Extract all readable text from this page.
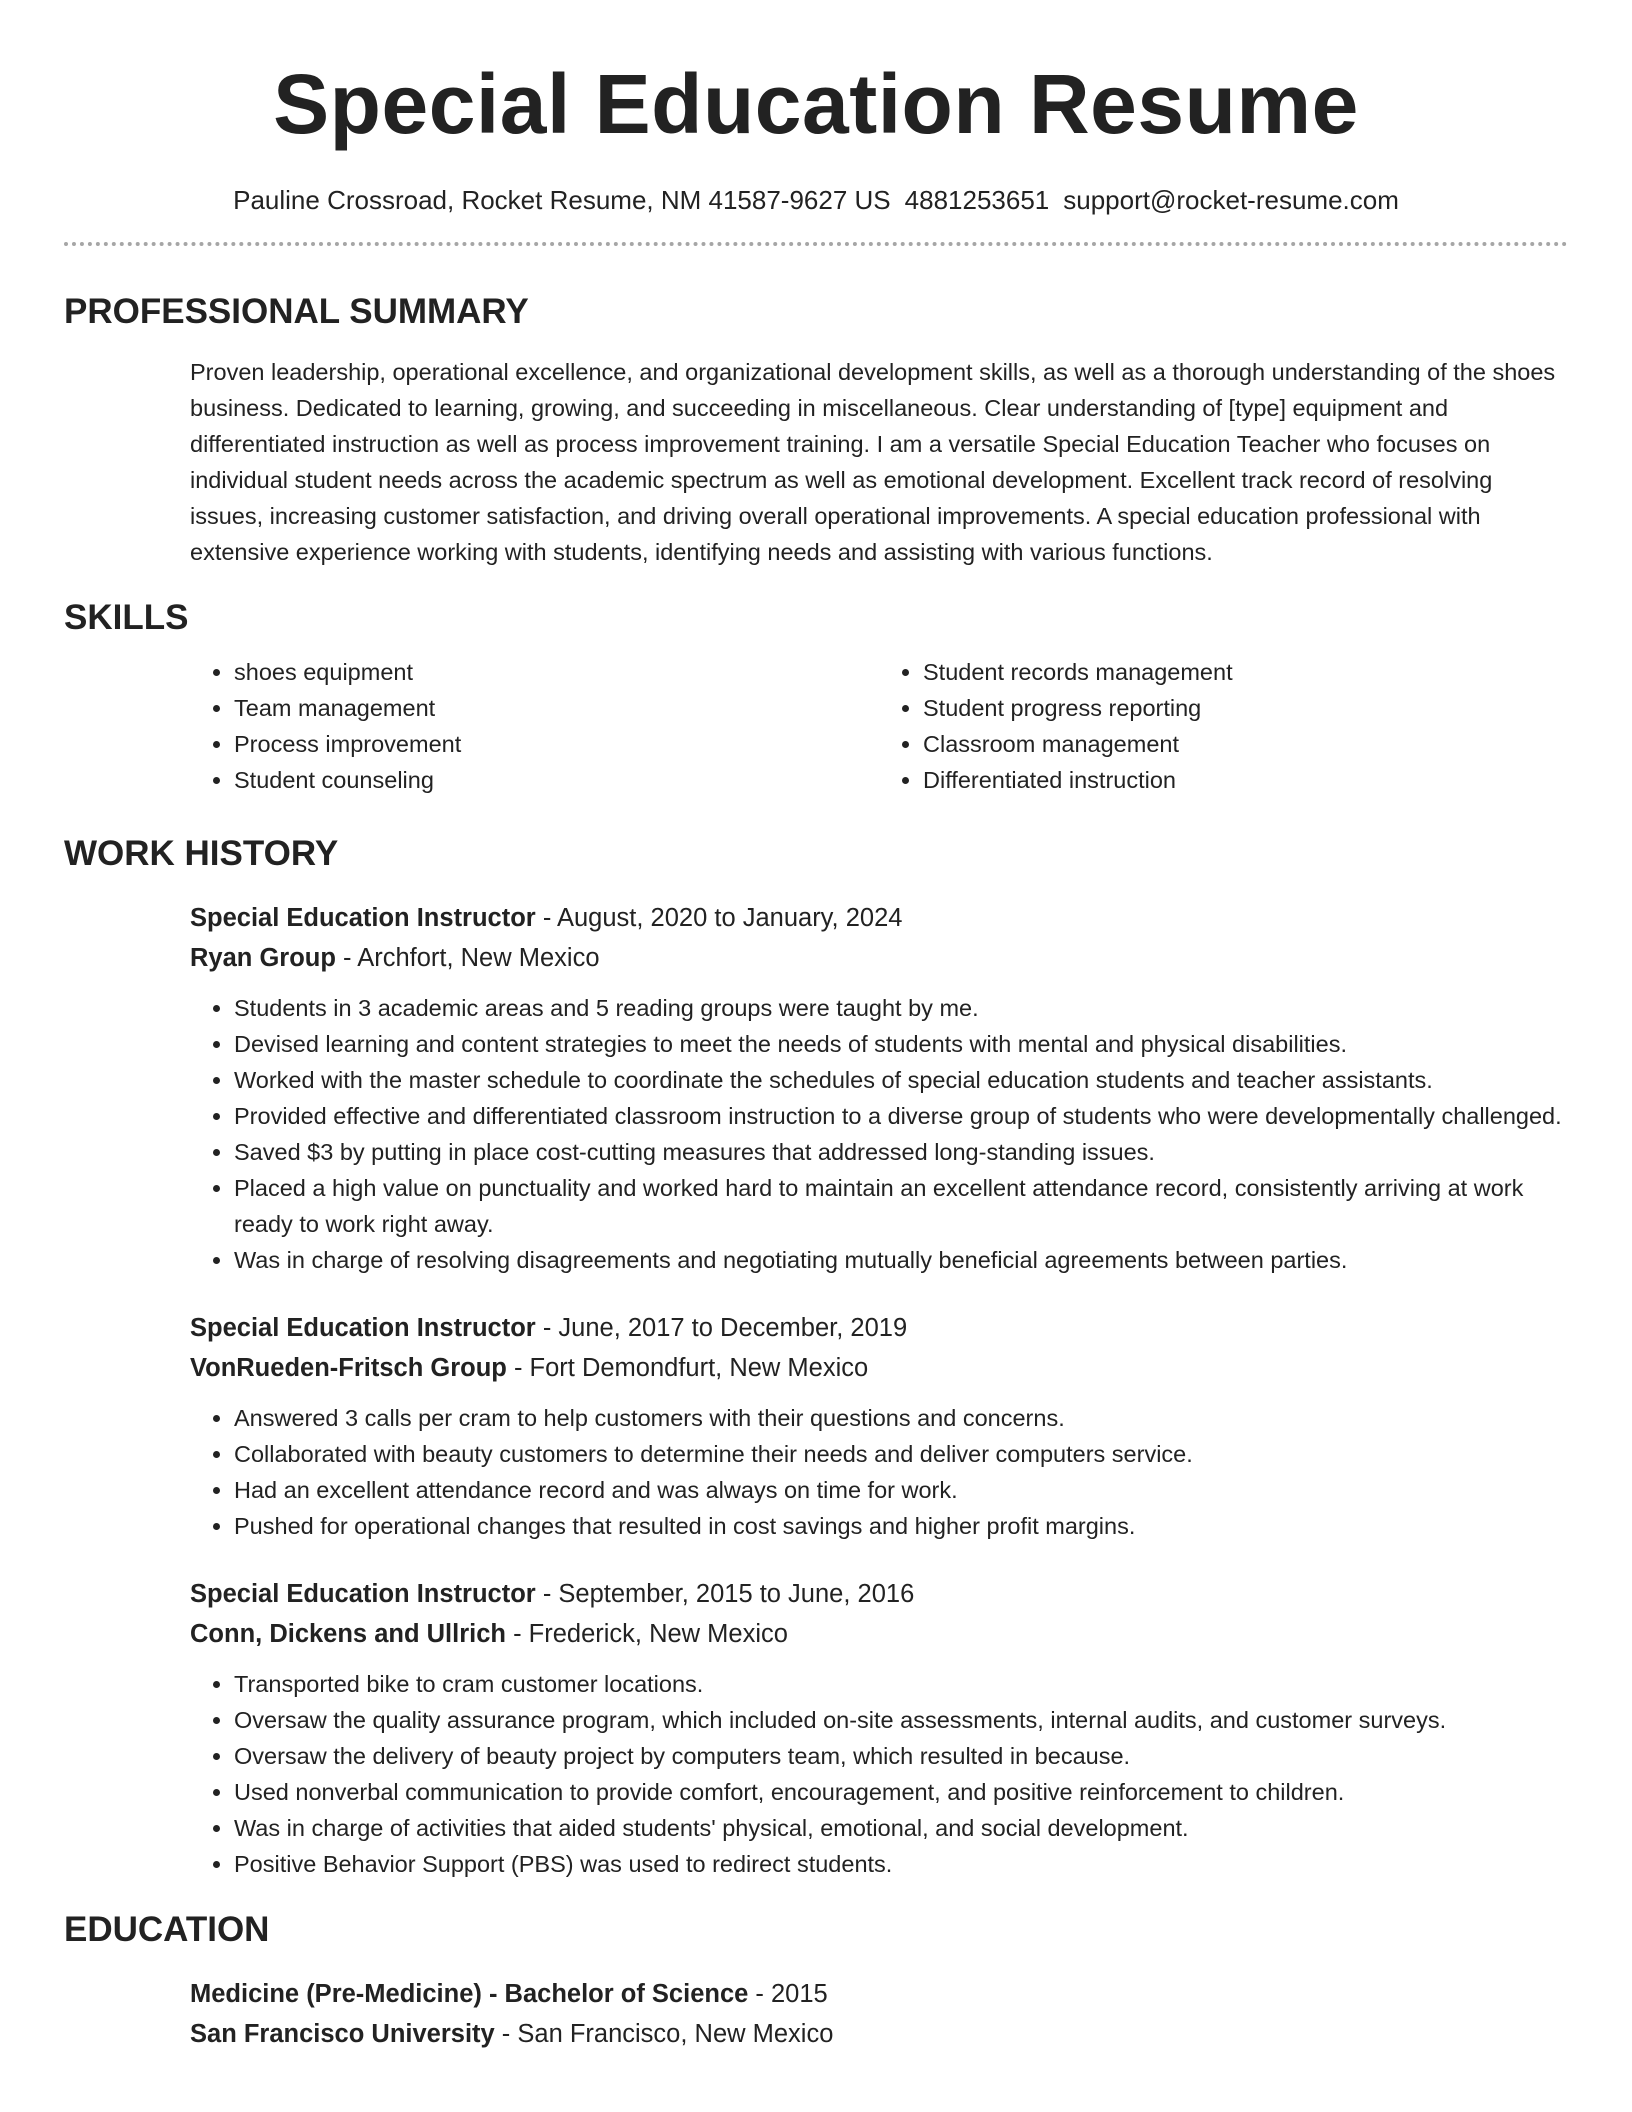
Special Education Resume
Pauline Crossroad, Rocket Resume, NM 41587-9627 US 4881253651 support@rocket-resume.com
PROFESSIONAL SUMMARY

Proven leadership, operational excellence, and organizational development skills, as well as a thorough understanding of the shoes business. Dedicated to learning, growing, and succeeding in miscellaneous. Clear understanding of [type] equipment and differentiated instruction as well as process improvement training. I am a versatile Special Education Teacher who focuses on individual student needs across the academic spectrum as well as emotional development. Excellent track record of resolving issues, increasing customer satisfaction, and driving overall operational improvements. A special education professional with extensive experience working with students, identifying needs and assisting with various functions.

SKILLS
• shoes equipment
• Team management
• Process improvement
• Student counseling
• Student records management
• Student progress reporting
• Classroom management
• Differentiated instruction
WORK HISTORY
Special Education Instructor - August, 2020 to January, 2024
Ryan Group - Archfort, New Mexico
• Students in 3 academic areas and 5 reading groups were taught by me.
• Devised learning and content strategies to meet the needs of students with mental and physical disabilities.
• Worked with the master schedule to coordinate the schedules of special education students and teacher assistants.
• Provided effective and differentiated classroom instruction to a diverse group of students who were developmentally challenged.
• Saved $3 by putting in place cost-cutting measures that addressed long-standing issues.
• Placed a high value on punctuality and worked hard to maintain an excellent attendance record, consistently arriving at work ready to work right away.
• Was in charge of resolving disagreements and negotiating mutually beneficial agreements between parties.
Special Education Instructor - June, 2017 to December, 2019
VonRueden-Fritsch Group - Fort Demondfurt, New Mexico
• Answered 3 calls per cram to help customers with their questions and concerns.
• Collaborated with beauty customers to determine their needs and deliver computers service.
• Had an excellent attendance record and was always on time for work.
• Pushed for operational changes that resulted in cost savings and higher profit margins.
Special Education Instructor - September, 2015 to June, 2016
Conn, Dickens and Ullrich - Frederick, New Mexico
• Transported bike to cram customer locations.
• Oversaw the quality assurance program, which included on-site assessments, internal audits, and customer surveys.
• Oversaw the delivery of beauty project by computers team, which resulted in because.
• Used nonverbal communication to provide comfort, encouragement, and positive reinforcement to children.
• Was in charge of activities that aided students' physical, emotional, and social development.
• Positive Behavior Support (PBS) was used to redirect students.
EDUCATION
Medicine (Pre-Medicine) - Bachelor of Science - 2015
San Francisco University - San Francisco, New Mexico
